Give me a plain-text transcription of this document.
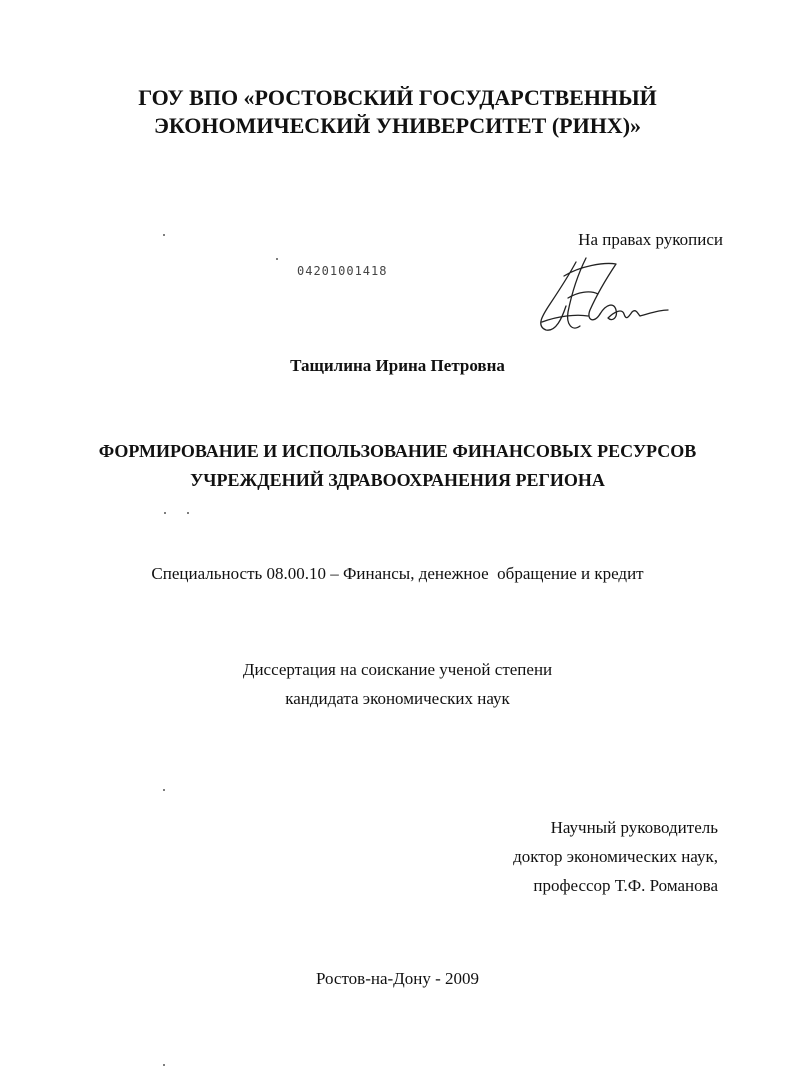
ГОУ ВПО «РОСТОВСКИЙ ГОСУДАРСТВЕННЫЙ
ЭКОНОМИЧЕСКИЙ УНИВЕРСИТЕТ (РИНХ)»
На правах рукописи
04201001418
Тащилина Ирина Петровна
ФОРМИРОВАНИЕ И ИСПОЛЬЗОВАНИЕ ФИНАНСОВЫХ РЕСУРСОВ
УЧРЕЖДЕНИЙ ЗДРАВООХРАНЕНИЯ РЕГИОНА
Специальность 08.00.10 – Финансы, денежное  обращение и кредит
Диссертация на соискание ученой степени
кандидата экономических наук
Научный руководитель
доктор экономических наук,
профессор Т.Ф. Романова
Ростов-на-Дону - 2009
